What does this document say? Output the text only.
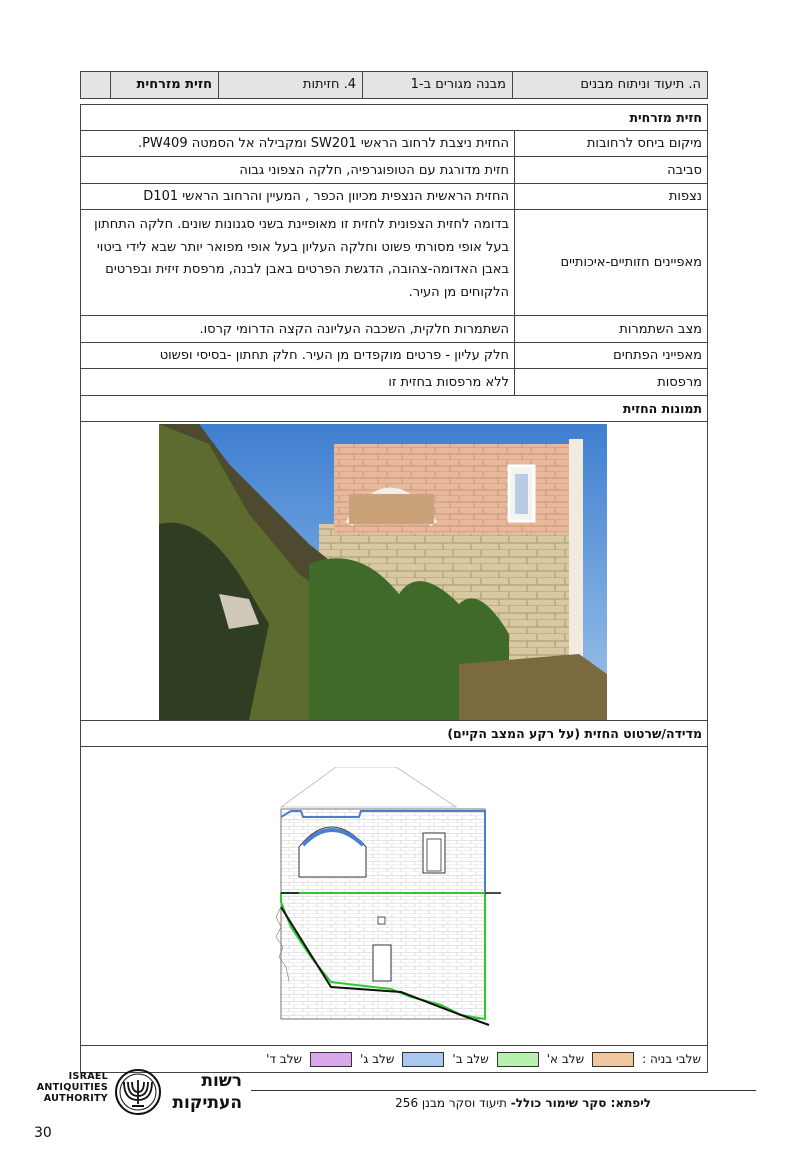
ה. תיעוד וניתוח מבנים
מבנה מגורים ב-1
4. חזיתות
חזית מזרחית
חזית מזרחית
מיקום ביחס לרחובות
החזית ניצבת לרחוב הראשי SW201 ומקבילה אל הסמטה PW409.
סביבה
חזית מדורגת עם הטופוגרפיה, חלקה הצפוני גבוה
נצפות
החזית הראשית הנצפית מכיוון הכפר , המעיין והרחוב הראשי D101
מאפיינים חזותיים-איכותיים
בדומה לחזית הצפונית לחזית זו מאופיינת בשני סגנונות שונים. חלקה התחתון בעל אופי מסורתי פשוט וחלקה העליון בעל אופי מפואר יותר שבא לידי ביטוי באבן האדומה-צהובה, הדגשת הפרטים באבן לבנה, מרפסת זיזית ובפרטים הלקוחים מן העיר.
מצב השתמרות
השתמרות חלקית, השכבה העליונה הקצה הדרומי קרסו.
מאפייני הפתחים
חלק עליון - פרטים מוקפדים מן העיר. חלק תחתון -בסיסי ופשוט
מרפסות
ללא מרפסות בחזית זו
תמונות החזית
מדידה/שרטוט החזית (על רקע המצב הקיים)
שלבי בניה :
שלב א'
שלב ב'
שלב ג'
שלב ד'
ליפתא: סקר שימור כולל- תיעוד וסקר מבנן 256
ISRAEL
ANTIQUITIES
AUTHORITY
רשות
העתיקות
30
